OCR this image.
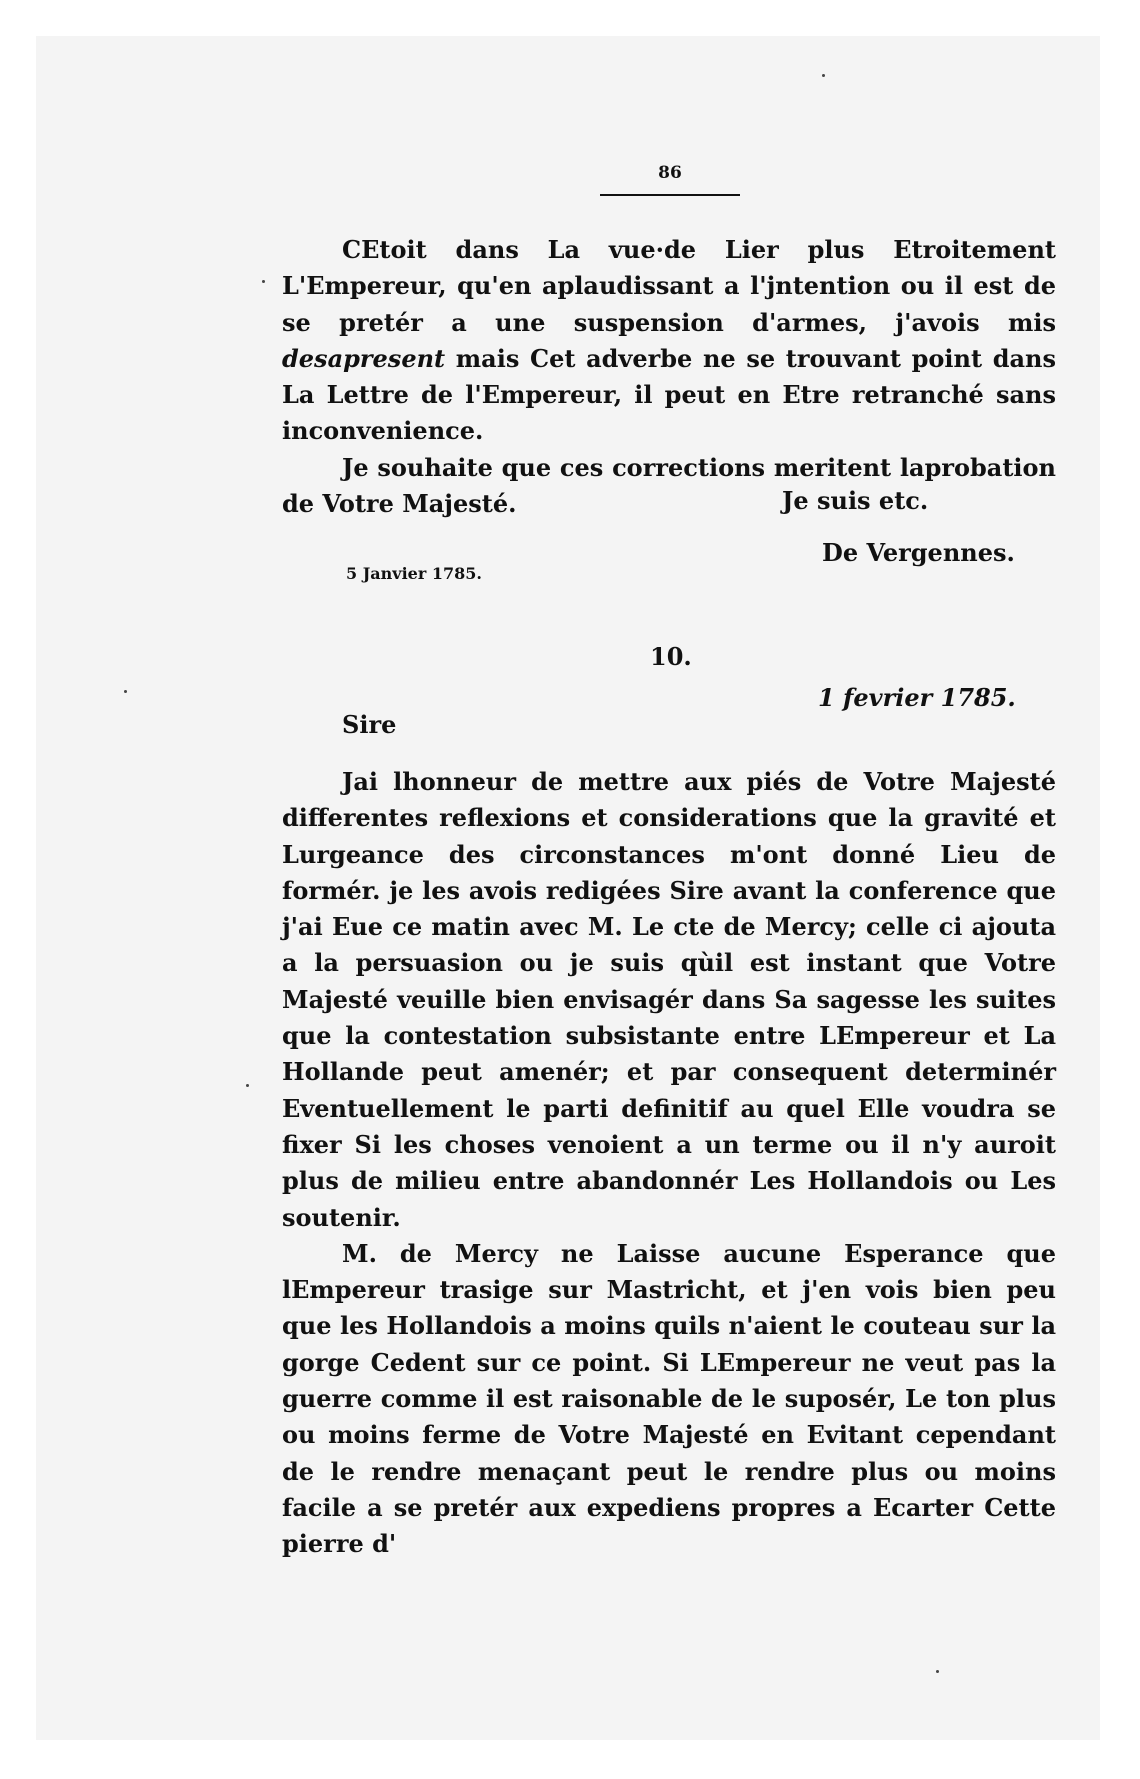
86

CEtoit dans La vue·de Lier plus Etroitement L'Empereur, qu'en aplaudissant a l'jntention ou il est de se pretér a une suspension d'armes, j'avois mis desapresent mais Cet adverbe ne se trouvant point dans La Lettre de l'Empereur, il peut en Etre retranché sans inconvenience.

Je souhaite que ces corrections meritent laprobation de Votre Majesté.	Je suis etc.
De Vergennes.
5 Janvier 1785.
10.
1 fevrier 1785.
Sire

Jai lhonneur de mettre aux piés de Votre Majesté differentes reflexions et considerations que la gravité et Lurgeance des circonstances m'ont donné Lieu de formér. je les avois redigées Sire avant la conference que j'ai Eue ce matin avec M. Le cte de Mercy; celle ci ajouta a la persuasion ou je suis qùil est instant que Votre Majesté veuille bien envisagér dans Sa sagesse les suites que la contestation subsistante entre LEmpereur et La Hollande peut amenér; et par consequent determinér Eventuellement le parti definitif au quel Elle voudra se fixer Si les choses venoient a un terme ou il n'y auroit plus de milieu entre abandonnér Les Hollandois ou Les soutenir.

M. de Mercy ne Laisse aucune Esperance que lEmpereur trasige sur Mastricht, et j'en vois bien peu que les Hollandois a moins quils n'aient le couteau sur la gorge Cedent sur ce point. Si LEmpereur ne veut pas la guerre comme il est raisonable de le suposér, Le ton plus ou moins ferme de Votre Majesté en Evitant cependant de le rendre menaçant peut le rendre plus ou moins facile a se pretér aux expediens propres a Ecarter Cette pierre d'
